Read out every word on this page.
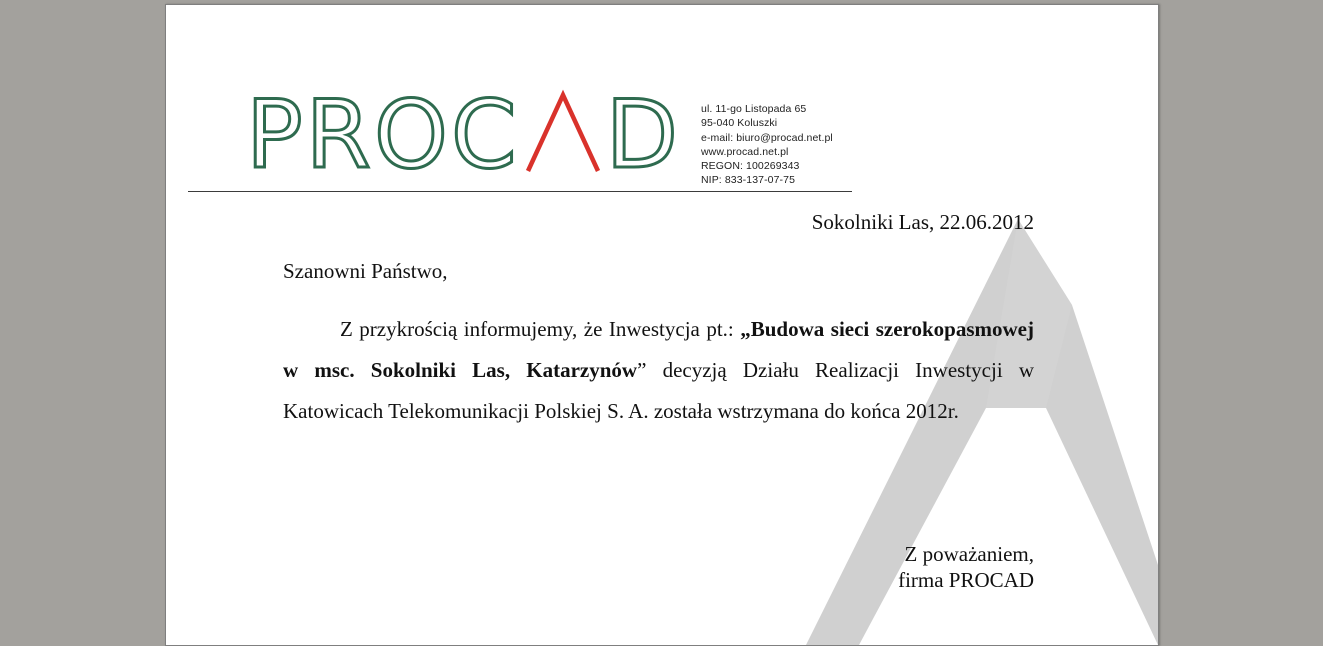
PROC D ul. 11-go Listopada 65
95-040 Koluszki
e-mail: biuro@procad.net.pl
www.procad.net.pl
REGON: 100269343
NIP: 833-137-07-75
Sokolniki Las, 22.06.2012
Szanowni Państwo,
Z przykrością informujemy, że Inwestycja pt.: „Budowa sieci szerokopasmowej w msc. Sokolniki Las, Katarzynów” decyzją Działu Realizacji Inwestycji w Katowicach Telekomunikacji Polskiej S. A. została wstrzymana do końca 2012r.
Z poważaniem,
firma PROCAD
